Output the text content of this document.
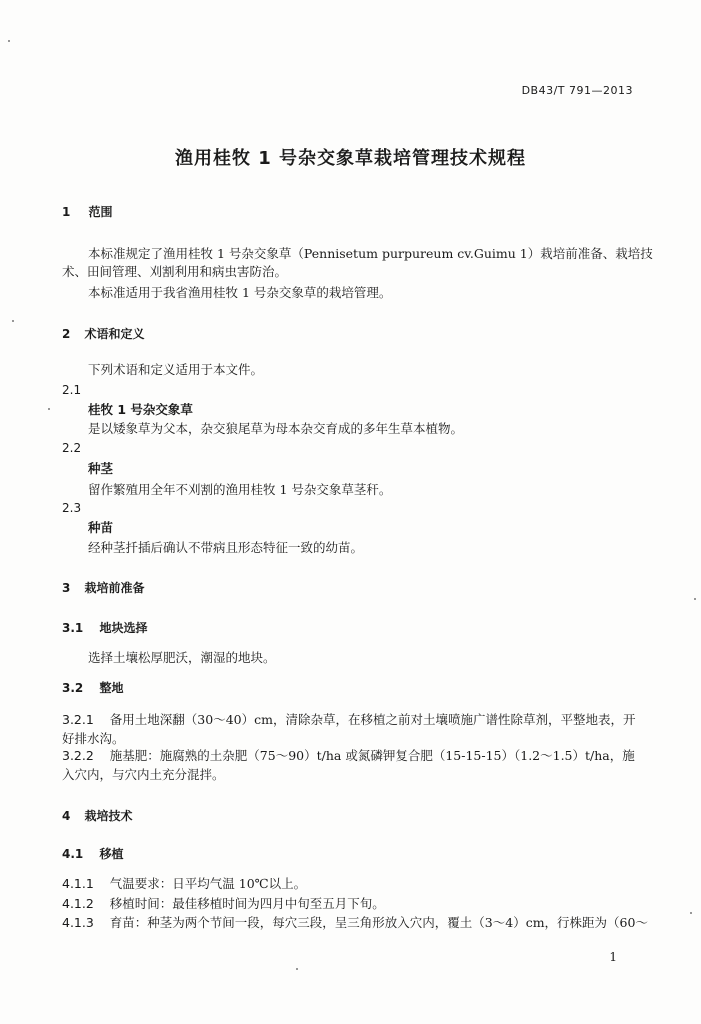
DB43/T 791—2013
渔用桂牧 1 号杂交象草栽培管理技术规程
1 范围
本标准规定了渔用桂牧 1 号杂交象草（Pennisetum purpureum cv.Guimu 1）栽培前准备、栽培技
术、田间管理、刈割利用和病虫害防治。
本标准适用于我省渔用桂牧 1 号杂交象草的栽培管理。
2 术语和定义
下列术语和定义适用于本文件。
2.1
桂牧 1 号杂交象草
是以矮象草为父本，杂交狼尾草为母本杂交育成的多年生草本植物。
2.2
种茎
留作繁殖用全年不刈割的渔用桂牧 1 号杂交象草茎秆。
2.3
种苗
经种茎扦插后确认不带病且形态特征一致的幼苗。
3 栽培前准备
3.1 地块选择
选择土壤松厚肥沃，潮湿的地块。
3.2 整地
3.2.1 备用土地深翻（30～40）cm，清除杂草，在移植之前对土壤喷施广谱性除草剂，平整地表，开
好排水沟。
3.2.2 施基肥：施腐熟的土杂肥（75～90）t/ha 或氮磷钾复合肥（15-15-15）（1.2～1.5）t/ha，施
入穴内，与穴内土充分混拌。
4 栽培技术
4.1 移植
4.1.1 气温要求：日平均气温 10℃以上。
4.1.2 移植时间：最佳移植时间为四月中旬至五月下旬。
4.1.3 育苗：种茎为两个节间一段，每穴三段，呈三角形放入穴内，覆土（3～4）cm，行株距为（60～
1
